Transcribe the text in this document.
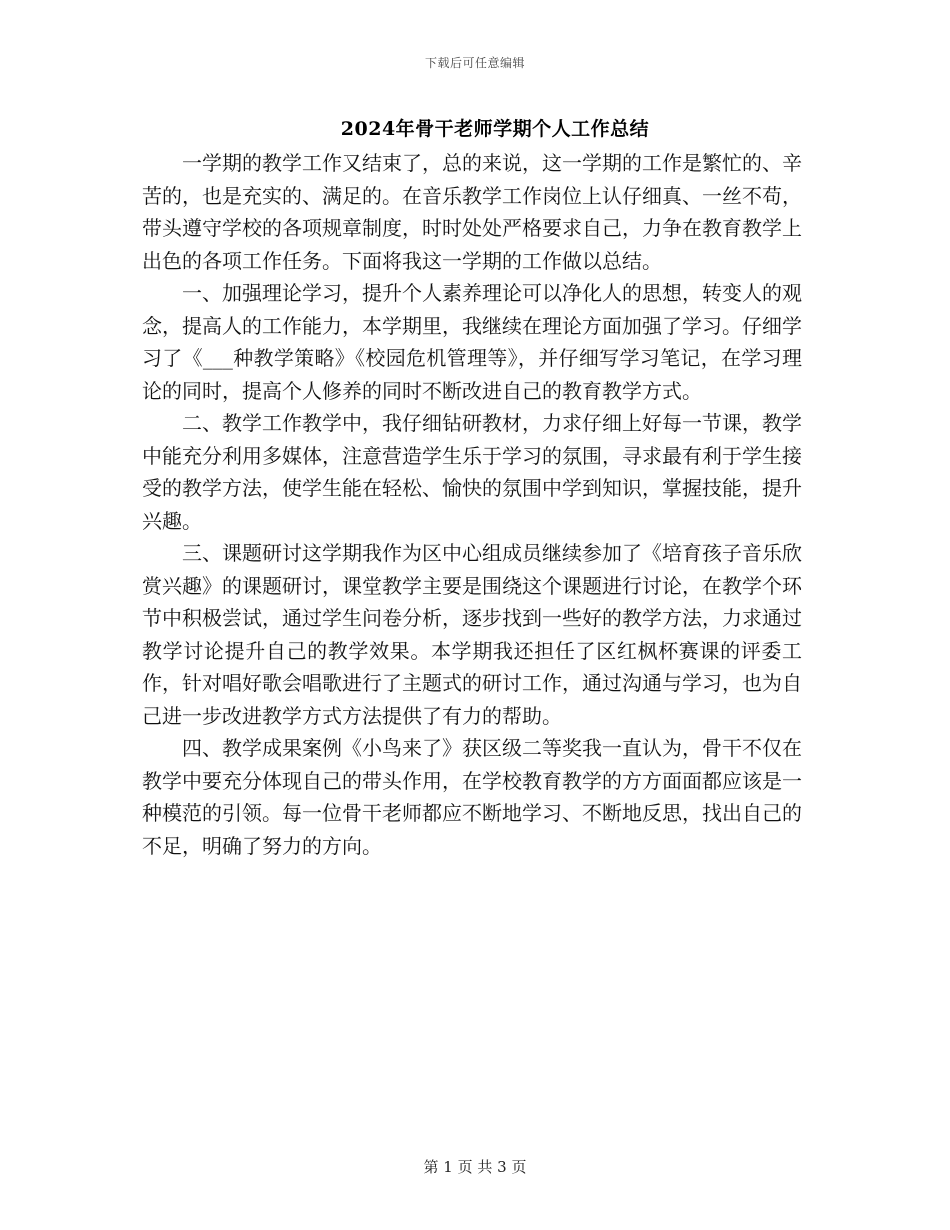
下载后可任意编辑
2024年骨干老师学期个人工作总结

一学期的教学工作又结束了，总的来说，这一学期的工作是繁忙的、辛苦的，也是充实的、满足的。在音乐教学工作岗位上认仔细真、一丝不苟，带头遵守学校的各项规章制度，时时处处严格要求自己，力争在教育教学上出色的各项工作任务。下面将我这一学期的工作做以总结。

一、加强理论学习，提升个人素养理论可以净化人的思想，转变人的观念，提高人的工作能力，本学期里，我继续在理论方面加强了学习。仔细学习了《___种教学策略》《校园危机管理等》，并仔细写学习笔记，在学习理论的同时，提高个人修养的同时不断改进自己的教育教学方式。

二、教学工作教学中，我仔细钻研教材，力求仔细上好每一节课，教学中能充分利用多媒体，注意营造学生乐于学习的氛围，寻求最有利于学生接受的教学方法，使学生能在轻松、愉快的氛围中学到知识，掌握技能，提升兴趣。

三、课题研讨这学期我作为区中心组成员继续参加了《培育孩子音乐欣赏兴趣》的课题研讨，课堂教学主要是围绕这个课题进行讨论，在教学个环节中积极尝试，通过学生问卷分析，逐步找到一些好的教学方法，力求通过教学讨论提升自己的教学效果。本学期我还担任了区红枫杯赛课的评委工作，针对唱好歌会唱歌进行了主题式的研讨工作，通过沟通与学习，也为自己进一步改进教学方式方法提供了有力的帮助。

四、教学成果案例《小鸟来了》获区级二等奖我一直认为，骨干不仅在教学中要充分体现自己的带头作用，在学校教育教学的方方面面都应该是一种模范的引领。每一位骨干老师都应不断地学习、不断地反思，找出自己的不足，明确了努力的方向。

第 1 页 共 3 页
